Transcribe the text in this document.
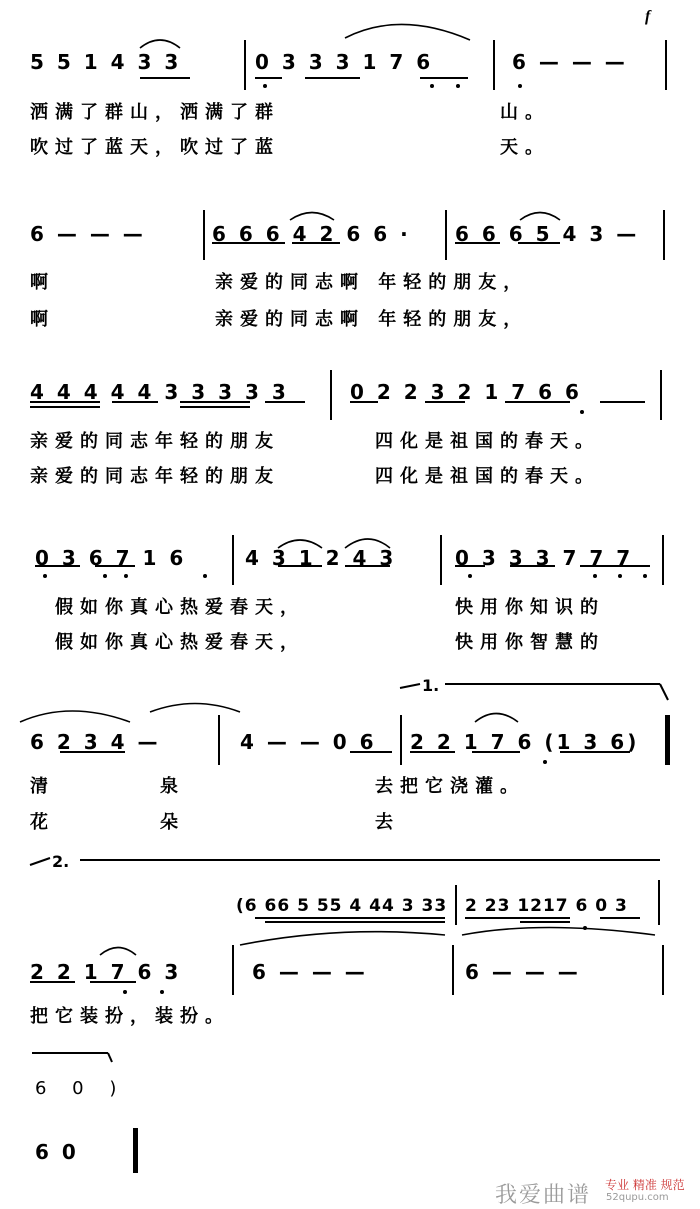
f
5 5 1 4 3 3	0 3 3 3 1 7 6	6 — — —
洒满了群山，洒满了群	山。
吹过了蓝天，吹过了蓝	天。
6 — — —	6 6 6 4 2 6 6 · 6 6 6 5 4 3 —
啊	亲爱的同志啊 年轻的朋友，
啊	亲爱的同志啊 年轻的朋友，
4 4 4 4 4 3 3 3 3 3	0 2 2 3 2 1 7 6 6
亲爱的同志年轻的朋友	四化是祖国的春天。
亲爱的同志年轻的朋友	四化是祖国的春天。
0 3 6 7 1 6	4 3 1 2 4 3	0 3 3 3 7 7 7
假如你真心热爱春天，	快用你知识的
假如你真心热爱春天，	快用你智慧的
1.
6 2 3 4 —	4 — — 0 6 2 2 1 7 6 (1 3 6)
清	泉	去把它浇灌。
花	朵	去
2.
(6 66 5 55 4 44 3 33 2 23 1217 6 0 3
2 2 1 7 6 3	6 — — —	6 — — —
把它装扮，装扮。
6 0 )
6 0
我爱曲谱 专业 精准 规范
52qupu.com
